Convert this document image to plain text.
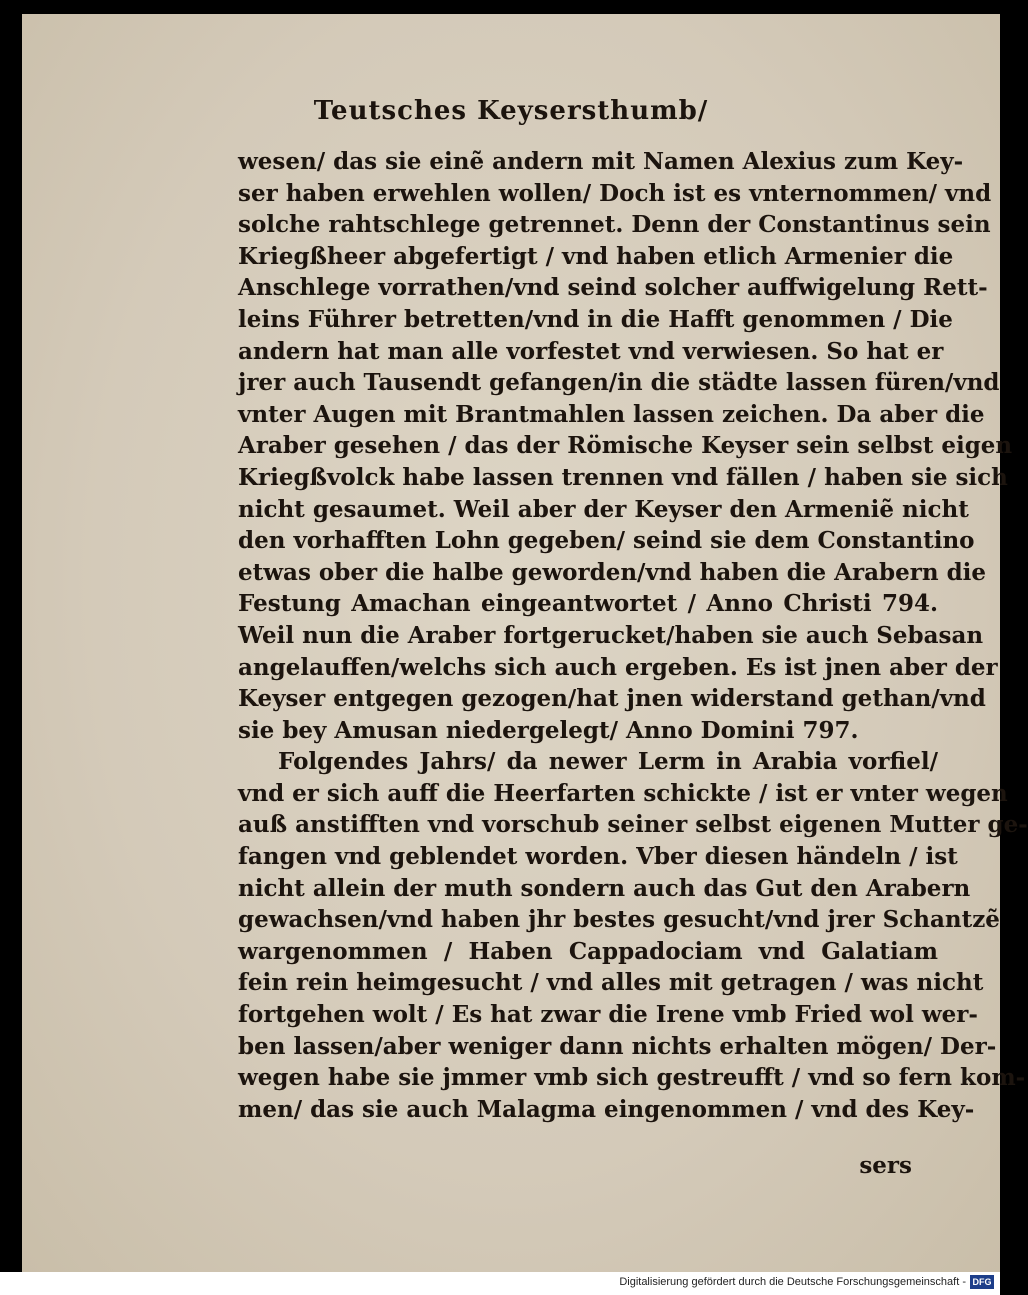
Teutsches Keysersthumb/
wesen/ das sie einẽ andern mit Namen Alexius zum Key-
ser haben erwehlen wollen/ Doch ist es vnternommen/ vnd
solche rahtschlege getrennet. Denn der Constantinus sein
Kriegßheer abgefertigt / vnd haben etlich Armenier die
Anschlege vorrathen/vnd seind solcher auffwigelung Rett-
leins Führer betretten/vnd in die Hafft genommen / Die
andern hat man alle vorfestet vnd verwiesen. So hat er
jrer auch Tausendt gefangen/in die städte lassen füren/vnd
vnter Augen mit Brantmahlen lassen zeichen. Da aber die
Araber gesehen / das der Römische Keyser sein selbst eigen
Kriegßvolck habe lassen trennen vnd fällen / haben sie sich
nicht gesaumet. Weil aber der Keyser den Armeniẽ nicht
den vorhafften Lohn gegeben/ seind sie dem Constantino
etwas ober die halbe geworden/vnd haben die Arabern die
Festung Amachan eingeantwortet / Anno Christi 794.
Weil nun die Araber fortgerucket/haben sie auch Sebasan
angelauffen/welchs sich auch ergeben. Es ist jnen aber der
Keyser entgegen gezogen/hat jnen widerstand gethan/vnd
sie bey Amusan niedergelegt/ Anno Domini 797.
Folgendes Jahrs/ da newer Lerm in Arabia vorfiel/
vnd er sich auff die Heerfarten schickte / ist er vnter wegen
auß anstifften vnd vorschub seiner selbst eigenen Mutter ge-
fangen vnd geblendet worden. Vber diesen händeln / ist
nicht allein der muth sondern auch das Gut den Arabern
gewachsen/vnd haben jhr bestes gesucht/vnd jrer Schantzẽ
wargenommen / Haben Cappadociam vnd Galatiam
fein rein heimgesucht / vnd alles mit getragen / was nicht
fortgehen wolt / Es hat zwar die Irene vmb Fried wol wer-
ben lassen/aber weniger dann nichts erhalten mögen/ Der-
wegen habe sie jmmer vmb sich gestreufft / vnd so fern kom-
men/ das sie auch Malagma eingenommen / vnd des Key-
sers
Digitalisierung gefördert durch die Deutsche Forschungsgemeinschaft - DFG
